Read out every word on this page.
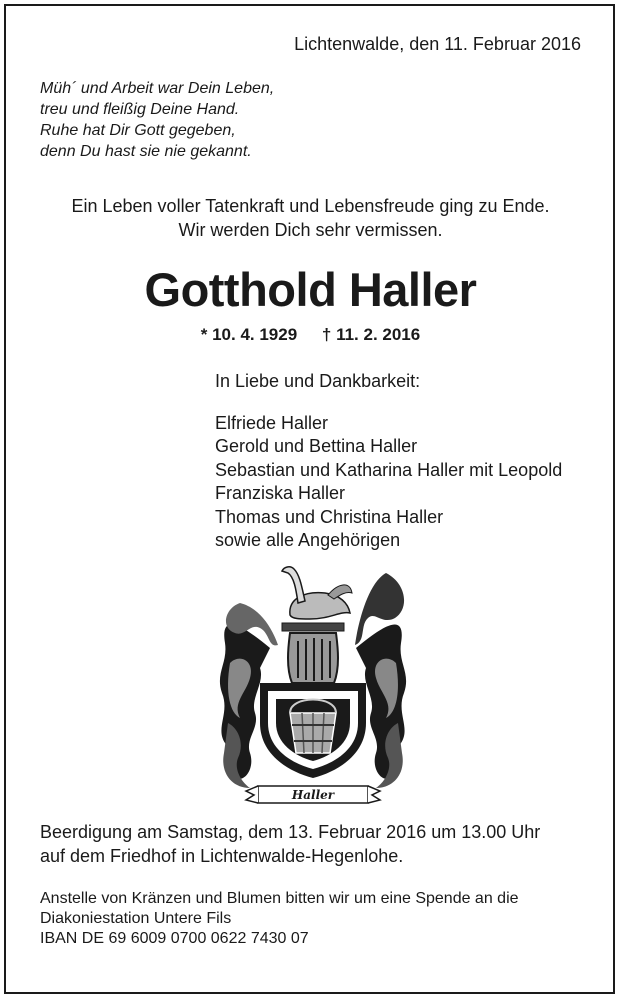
Lichtenwalde, den 11. Februar 2016
Müh´ und Arbeit war Dein Leben,
treu und fleißig Deine Hand.
Ruhe hat Dir Gott gegeben,
denn Du hast sie nie gekannt.
Ein Leben voller Tatenkraft und Lebensfreude ging zu Ende.
Wir werden Dich sehr vermissen.
Gotthold Haller
* 10. 4. 1929 † 11. 2. 2016
In Liebe und Dankbarkeit:
Elfriede Haller
Gerold und Bettina Haller
Sebastian und Katharina Haller mit Leopold
Franziska Haller
Thomas und Christina Haller
sowie alle Angehörigen
Haller
Beerdigung am Samstag, dem 13. Februar 2016 um 13.00 Uhr
auf dem Friedhof in Lichtenwalde-Hegenlohe.
Anstelle von Kränzen und Blumen bitten wir um eine Spende an die
Diakoniestation Untere Fils
IBAN DE 69 6009 0700 0622 7430 07
